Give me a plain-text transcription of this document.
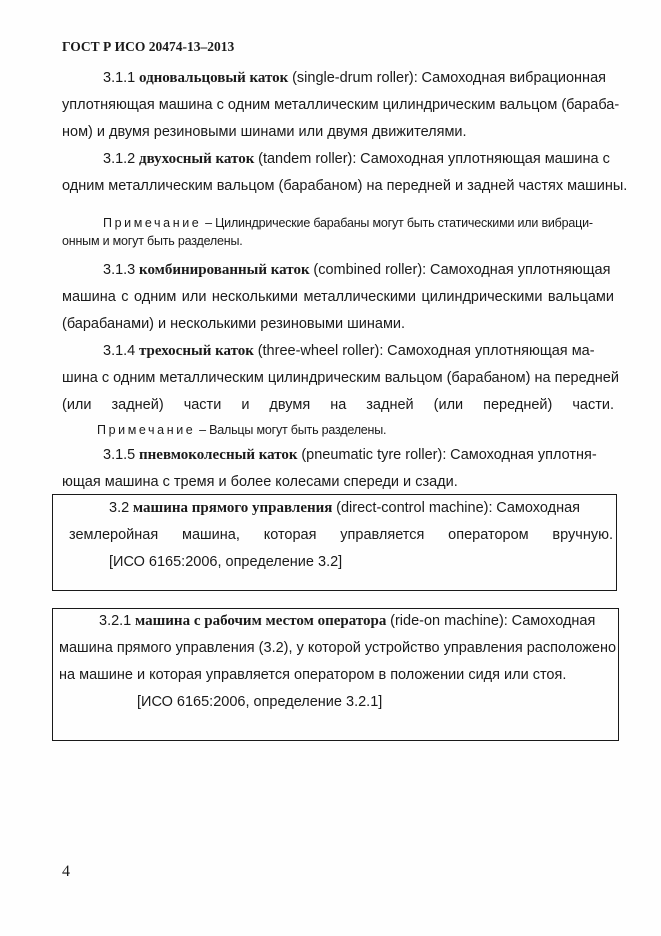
ГОСТ Р ИСО 20474-13–2013
3.1.1 одновальцовый каток (single-drum roller): Самоходная вибрационная
уплотняющая машина с одним металлическим цилиндрическим вальцом (бараба-
ном) и двумя резиновыми шинами или двумя движителями.
3.1.2 двухосный каток (tandem roller): Самоходная уплотняющая машина с
одним металлическим вальцом (барабаном) на передней и задней частях машины.
Примечание – Цилиндрические барабаны могут быть статическими или вибраци-
онным и могут быть разделены.
3.1.3 комбинированный каток (combined roller): Самоходная уплотняющая
машина с одним или несколькими металлическими цилиндрическими вальцами
(барабанами) и несколькими резиновыми шинами.
3.1.4 трехосный каток (three-wheel roller): Самоходная уплотняющая ма-
шина с одним металлическим цилиндрическим вальцом (барабаном) на передней
(или задней) части и двумя на задней (или передней) части.
Примечание – Вальцы могут быть разделены.
3.1.5 пневмоколесный каток (pneumatic tyre roller): Самоходная уплотня-
ющая машина с тремя и более колесами спереди и сзади.
3.2 машина прямого управления (direct-control machine): Самоходная
землеройная машина, которая управляется оператором вручную.
[ИСО 6165:2006, определение 3.2]
3.2.1 машина с рабочим местом оператора (ride-on machine): Самоходная
машина прямого управления (3.2), у которой устройство управления расположено
на машине и которая управляется оператором в положении сидя или стоя.
[ИСО 6165:2006, определение 3.2.1]
4
